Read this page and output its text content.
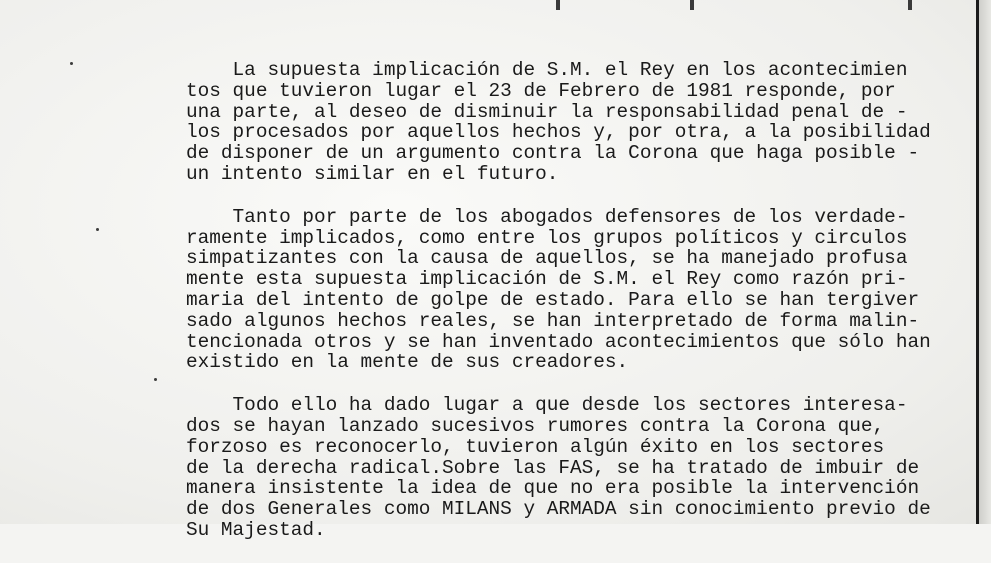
La supuesta implicación de S.M. el Rey en los acontecimien
tos que tuvieron lugar el 23 de Febrero de 1981 responde, por
una parte, al deseo de disminuir la responsabilidad penal de -
los procesados por aquellos hechos y, por otra, a la posibilidad
de disponer de un argumento contra la Corona que haga posible -
un intento similar en el futuro.
Tanto por parte de los abogados defensores de los verdade-
ramente implicados, como entre los grupos políticos y circulos
simpatizantes con la causa de aquellos, se ha manejado profusa
mente esta supuesta implicación de S.M. el Rey como razón pri-
maria del intento de golpe de estado. Para ello se han tergiver
sado algunos hechos reales, se han interpretado de forma malin-
tencionada otros y se han inventado acontecimientos que sólo han
existido en la mente de sus creadores.
Todo ello ha dado lugar a que desde los sectores interesa-
dos se hayan lanzado sucesivos rumores contra la Corona que,
forzoso es reconocerlo, tuvieron algún éxito en los sectores
de la derecha radical.Sobre las FAS, se ha tratado de imbuir de
manera insistente la idea de que no era posible la intervención
de dos Generales como MILANS y ARMADA sin conocimiento previo de
Su Majestad.
